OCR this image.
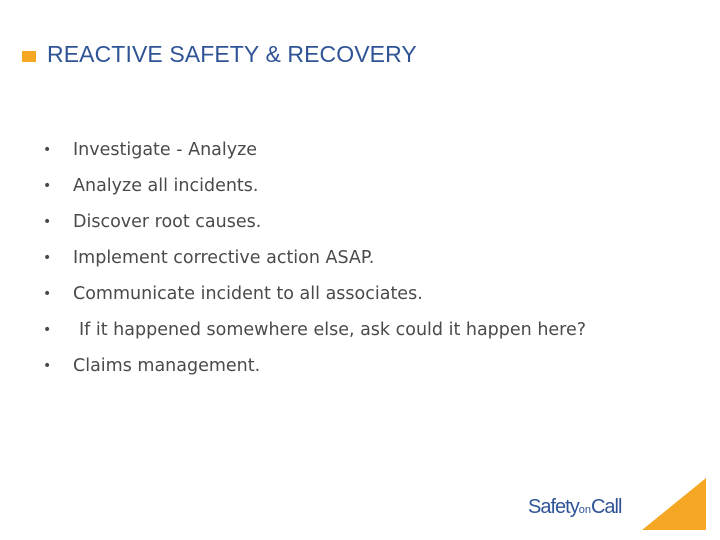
REACTIVE SAFETY & RECOVERY
•	Investigate - Analyze
•	Analyze all incidents.
•	Discover root causes.
•	Implement corrective action ASAP.
•	Communicate incident to all associates.
•	If it happened somewhere else, ask could it happen here?
•	Claims management.
SafetyonCall
